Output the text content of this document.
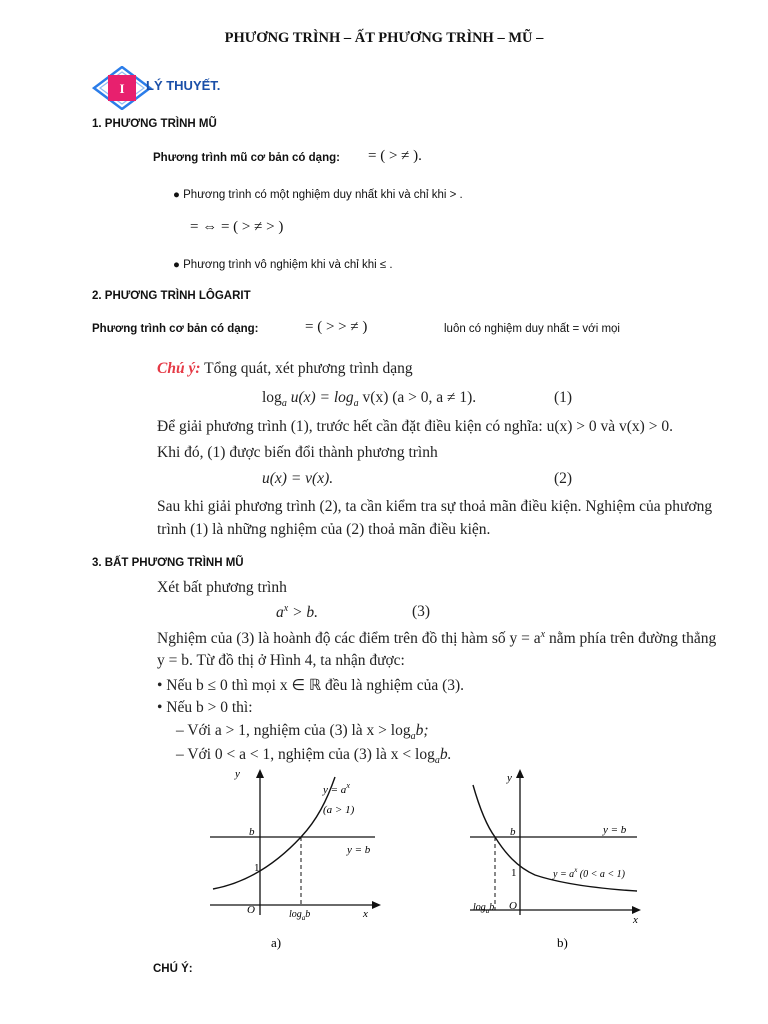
PHƯƠNG TRÌNH – ẤT PHƯƠNG TRÌNH – MŨ –
I LÝ THUYẾT.
1. PHƯƠNG TRÌNH MŨ
Phương trình mũ cơ bản có dạng: = ( > ≠ ).
● Phương trình có một nghiệm duy nhất khi và chỉ khi > .
= ⇔ = ( > ≠ > )
● Phương trình vô nghiệm khi và chỉ khi ≤ .
2. PHƯƠNG TRÌNH LÔGARIT
Phương trình cơ bản có dạng:	= ( > > ≠ )	luôn có nghiệm duy nhất = với mọi
Chú ý: Tổng quát, xét phương trình dạng
$\log_a u(x) = \log_a v(x) (a > 0$, a ≠ 1).	(1)
Để giải phương trình (1), trước hết cần đặt điều kiện có nghĩa: u(x) > 0 và v(x) > 0.
Khi đó, (1) được biến đổi thành phương trình
u(x) = v(x).	(2)
Sau khi giải phương trình (2), ta cần kiểm tra sự thoả mãn điều kiện. Nghiệm của phương
trình (1) là những nghiệm của (2) thoả mãn điều kiện.
3. BẤT PHƯƠNG TRÌNH MŨ
Xét bất phương trình
$a^x > b$.	(3)
Nghiệm của (3) là hoành độ các điểm trên đồ thị hàm số $y = a^x$ nằm phía trên đường thẳng
y = b. Từ đồ thị ở Hình 4, ta nhận được:
• Nếu b ≤ 0 thì mọi x ∈ ℝ đều là nghiệm của (3).
• Nếu b > 0 thì:
– Với a > 1, nghiệm của (3) là $x > \log_ab$;
– Với 0 < a < 1, nghiệm của (3) là $x < \log_ab$.
y
x
O
b
1
$y = a^x$
(a > 1)
y = b
$\log_ab$
a)
y
x
O
b
1
y = b
$y = a^x$ (0 < a < 1)
$\log_ab$
b)
CHÚ Ý:
